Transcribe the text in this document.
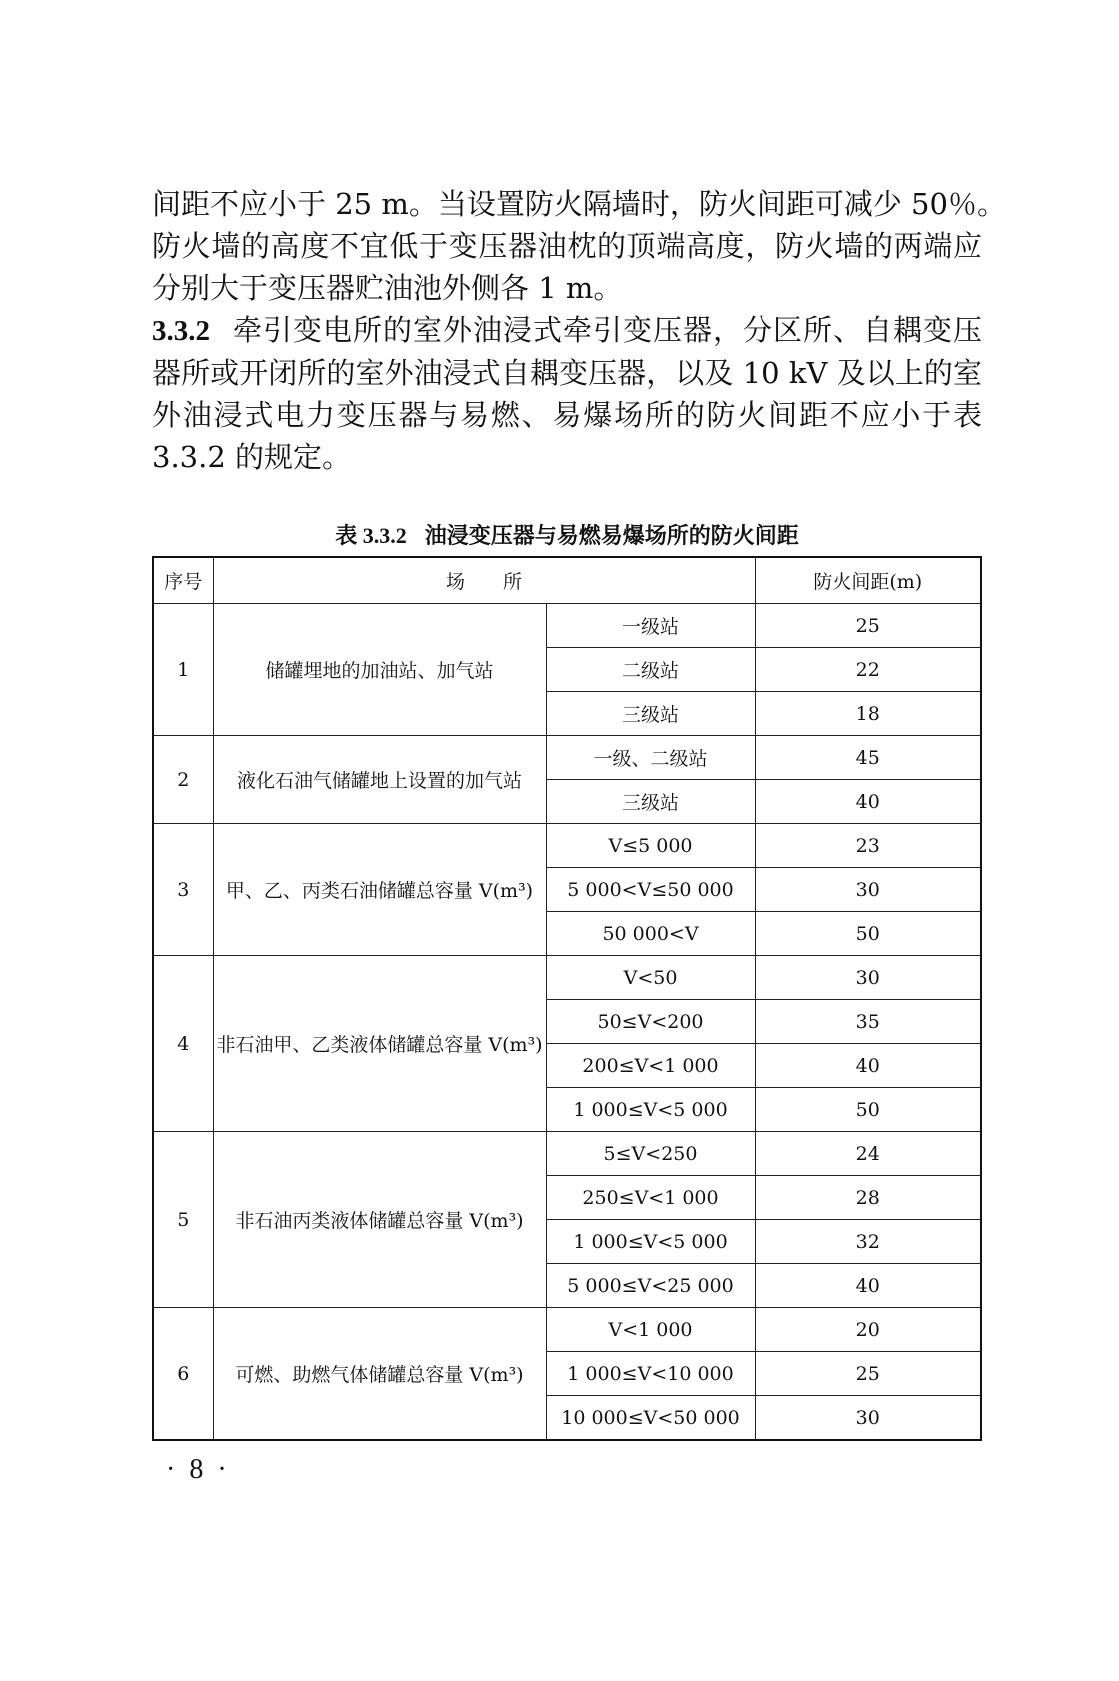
间距不应小于 25 m。当设置防火隔墙时，防火间距可减少 50％。
防火墙的高度不宜低于变压器油枕的顶端高度，防火墙的两端应
分别大于变压器贮油池外侧各 1 m。
3.3.2 牵引变电所的室外油浸式牵引变压器，分区所、自耦变压
器所或开闭所的室外油浸式自耦变压器，以及 10 kV 及以上的室
外油浸式电力变压器与易燃、易爆场所的防火间距不应小于表
3.3.2 的规定。
表 3.3.2 油浸变压器与易燃易爆场所的防火间距
序号	场　　所		防火间距(m)
1	储罐埋地的加油站、加气站	一级站	25
		二级站	22
		三级站	18
2	液化石油气储罐地上设置的加气站	一级、二级站	45
		三级站	40
3	甲、乙、丙类石油储罐总容量 V(m³)	V≤5 000	23
		5 000<V≤50 000	30
		50 000<V	50
4	非石油甲、乙类液体储罐总容量 V(m³)	V<50	30
		50≤V<200	35
		200≤V<1 000	40
		1 000≤V<5 000	50
5	非石油丙类液体储罐总容量 V(m³)	5≤V<250	24
		250≤V<1 000	28
		1 000≤V<5 000	32
		5 000≤V<25 000	40
6	可燃、助燃气体储罐总容量 V(m³)	V<1 000	20
		1 000≤V<10 000	25
		10 000≤V<50 000	30
·8·
